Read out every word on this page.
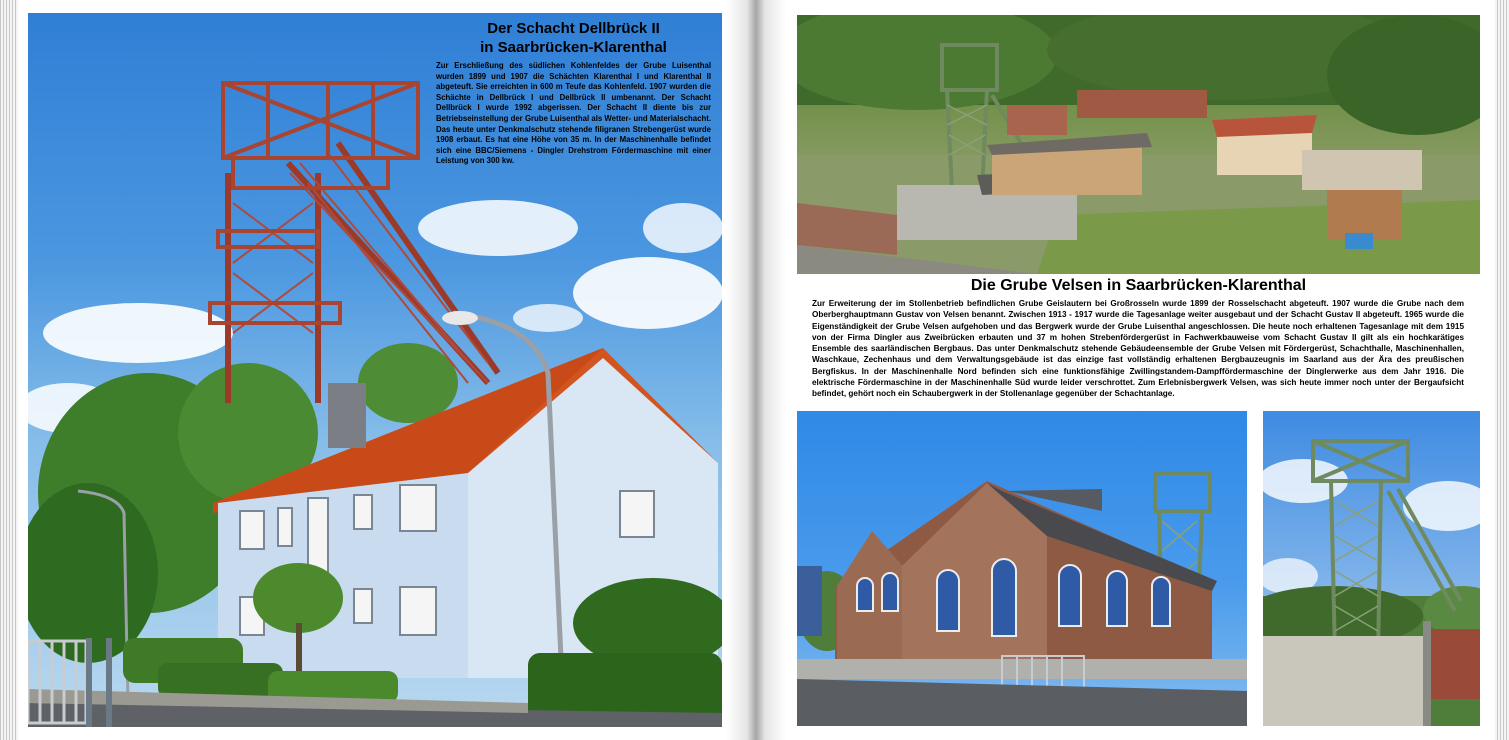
Der Schacht Dellbrück II
in Saarbrücken-Klarenthal

Zur Erschließung des südlichen Kohlenfeldes der Grube Luisenthal wurden 1899 und 1907 die Schächten Klarenthal I und Klarenthal II abgeteuft. Sie erreichten in 600 m Teufe das Kohlenfeld. 1907 wurden die Schächte in Dellbrück I und Dellbrück II umbenannt. Der Schacht Dellbrück I wurde 1992 abgerissen. Der Schacht II diente bis zur Betriebseinstellung der Grube Luisenthal als Wetter- und Materialschacht. Das heute unter Denkmalschutz stehende filigranen Strebengerüst wurde 1908 erbaut. Es hat eine Höhe von 35 m. In der Maschinenhalle befindet sich eine BBC/Siemens - Dingler Drehstrom Fördermaschine mit einer Leistung von 300 kw.
Die Grube Velsen in Saarbrücken-Klarenthal

Zur Erweiterung der im Stollenbetrieb befindlichen Grube Geislautern bei Großrosseln wurde 1899 der Rosselschacht abgeteuft. 1907 wurde die Grube nach dem Oberberghauptmann Gustav von Velsen benannt. Zwischen 1913 - 1917 wurde die Tagesanlage weiter ausgebaut und der Schacht Gustav II abgeteuft. 1965 wurde die Eigenständigkeit der Grube Velsen aufgehoben und das Bergwerk wurde der Grube Luisenthal angeschlossen. Die heute noch erhaltenen Tagesanlage mit dem 1915 von der Firma Dingler aus Zweibrücken erbauten und 37 m hohen Strebenfördergerüst in Fachwerkbauweise vom Schacht Gustav II gilt als ein hochkarätiges Ensemble des saarländischen Bergbaus. Das unter Denkmalschutz stehende Gebäudeensemble der Grube Velsen mit Fördergerüst, Schachthalle, Maschinenhallen, Waschkaue, Zechenhaus und dem Verwaltungsgebäude ist das einzige fast vollständig erhaltenen Bergbauzeugnis im Saarland aus der Ära des preußischen Bergfiskus. In der Maschinenhalle Nord befinden sich eine funktionsfähige Zwillingstandem-Dampffördermaschine der Dinglerwerke aus dem Jahr 1916. Die elektrische Fördermaschine in der Maschinenhalle Süd wurde leider verschrottet. Zum Erlebnisbergwerk Velsen, was sich heute immer noch unter der Bergaufsicht befindet, gehört noch ein Schaubergwerk in der Stollenanlage gegenüber der Schachtanlage.
